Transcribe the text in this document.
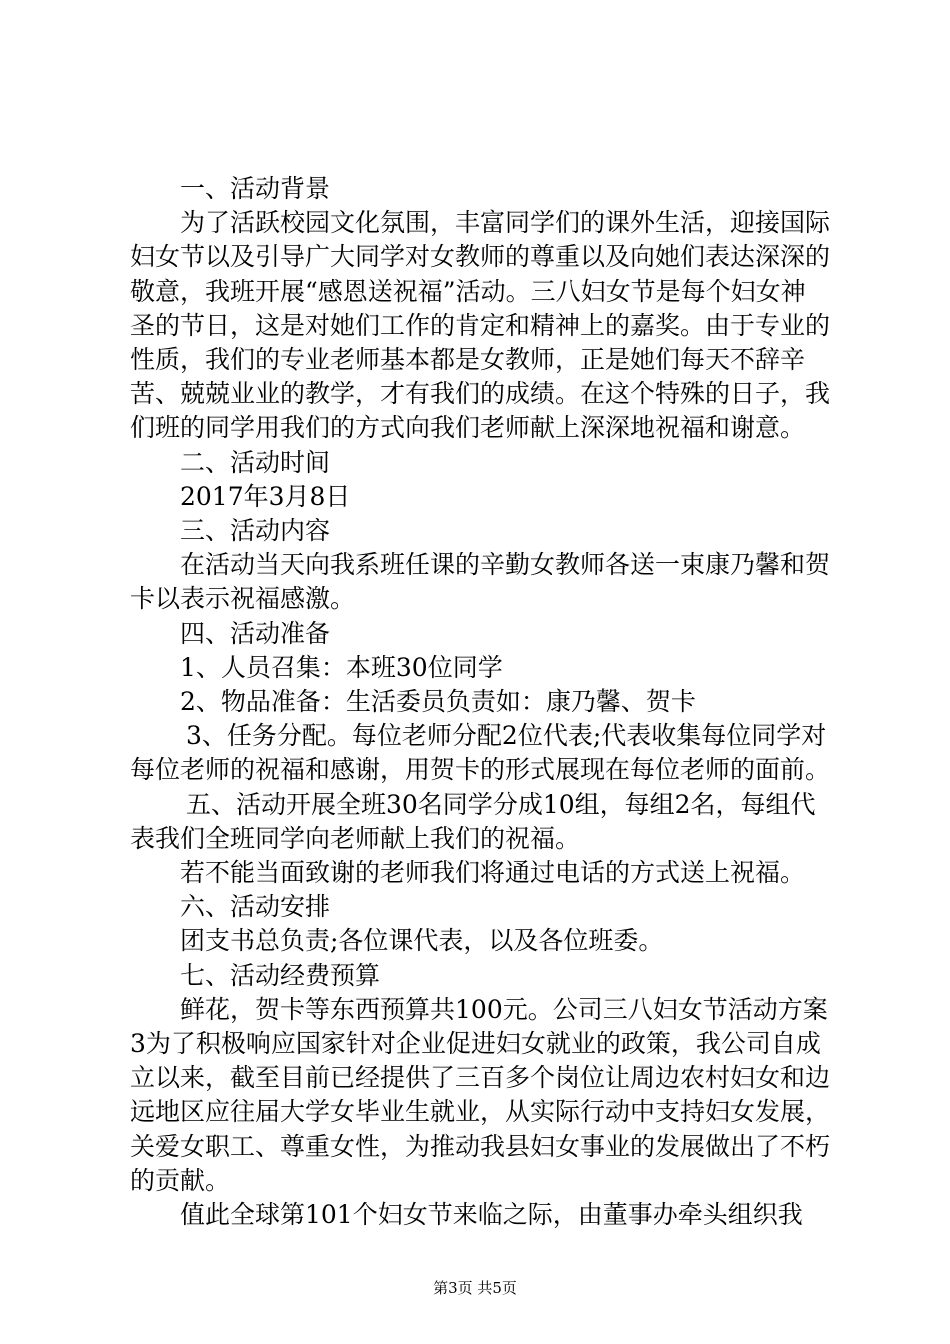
一、活动背景

为了活跃校园文化氛围，丰富同学们的课外生活，迎接国际妇女节以及引导广大同学对女教师的尊重以及向她们表达深深的敬意，我班开展“感恩送祝福”活动。三八妇女节是每个妇女神圣的节日，这是对她们工作的肯定和精神上的嘉奖。由于专业的性质，我们的专业老师基本都是女教师，正是她们每天不辞辛苦、兢兢业业的教学，才有我们的成绩。在这个特殊的日子，我们班的同学用我们的方式向我们老师献上深深地祝福和谢意。

二、活动时间

2017年3月8日

三、活动内容

在活动当天向我系班任课的辛勤女教师各送一束康乃馨和贺卡以表示祝福感激。

四、活动准备

1、人员召集：本班30位同学

2、物品准备：生活委员负责如：康乃馨、贺卡

3、任务分配。每位老师分配2位代表;代表收集每位同学对每位老师的祝福和感谢，用贺卡的形式展现在每位老师的面前。

五、活动开展全班30名同学分成10组，每组2名，每组代表我们全班同学向老师献上我们的祝福。

若不能当面致谢的老师我们将通过电话的方式送上祝福。

六、活动安排

团支书总负责;各位课代表，以及各位班委。

七、活动经费预算

鲜花，贺卡等东西预算共100元。公司三八妇女节活动方案3为了积极响应国家针对企业促进妇女就业的政策，我公司自成立以来，截至目前已经提供了三百多个岗位让周边农村妇女和边远地区应往届大学女毕业生就业，从实际行动中支持妇女发展，关爱女职工、尊重女性，为推动我县妇女事业的发展做出了不朽的贡献。

值此全球第101个妇女节来临之际，由董事办牵头组织我

第3页 共5页
